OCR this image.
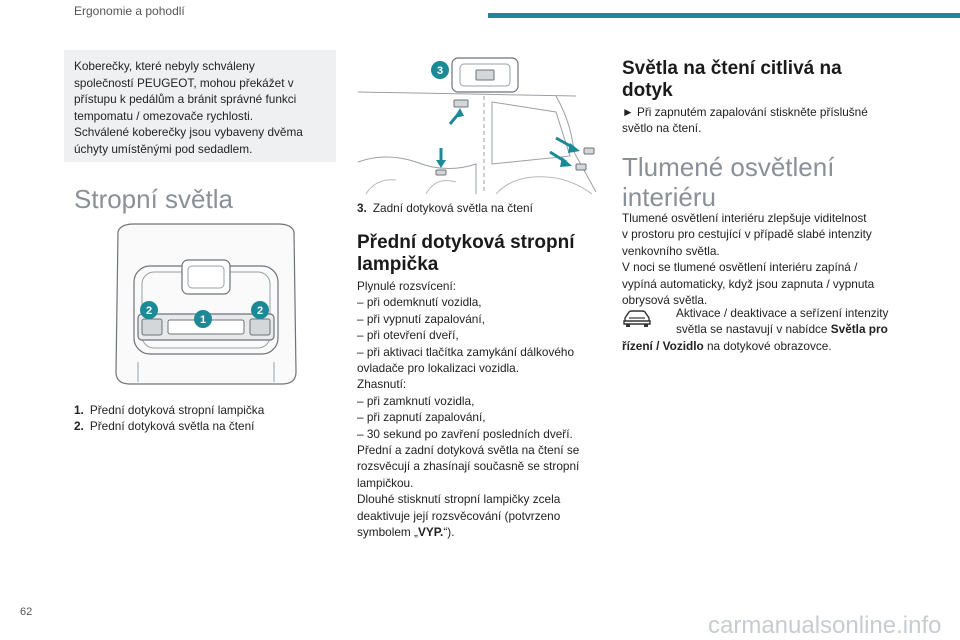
Ergonomie a pohodlí
Koberečky, které nebyly schváleny
společností PEUGEOT, mohou překážet v
přístupu k pedálům a bránit správné funkci
tempomatu / omezovače rychlosti.
Schválené koberečky jsou vybaveny dvěma
úchyty umístěnými pod sedadlem.
Stropní světla
2
1
2
1. Přední dotyková stropní lampička
2. Přední dotyková světla na čtení
3
3. Zadní dotyková světla na čtení
Přední dotyková stropní
lampička
Plynulé rozsvícení:
– při odemknutí vozidla,
– při vypnutí zapalování,
– při otevření dveří,
– při aktivaci tlačítka zamykání dálkového
ovladače pro lokalizaci vozidla.
Zhasnutí:
– při zamknutí vozidla,
– při zapnutí zapalování,
– 30 sekund po zavření posledních dveří.
Přední a zadní dotyková světla na čtení se
rozsvěcují a zhasínají současně se stropní
lampičkou.
Dlouhé stisknutí stropní lampičky zcela
deaktivuje její rozsvěcování (potvrzeno
symbolem „VYP.“).
Světla na čtení citlivá na
dotyk
► Při zapnutém zapalování stiskněte příslušné
světlo na čtení.
Tlumené osvětlení
interiéru
Tlumené osvětlení interiéru zlepšuje viditelnost
v prostoru pro cestující v případě slabé intenzity
venkovního světla.
V noci se tlumené osvětlení interiéru zapíná /
vypíná automaticky, když jsou zapnuta / vypnuta
obrysová světla.
Aktivace / deaktivace a seřízení intenzity
světla se nastavují v nabídce Světla pro
řízení / Vozidlo na dotykové obrazovce.
62	carmanualsonline.info
